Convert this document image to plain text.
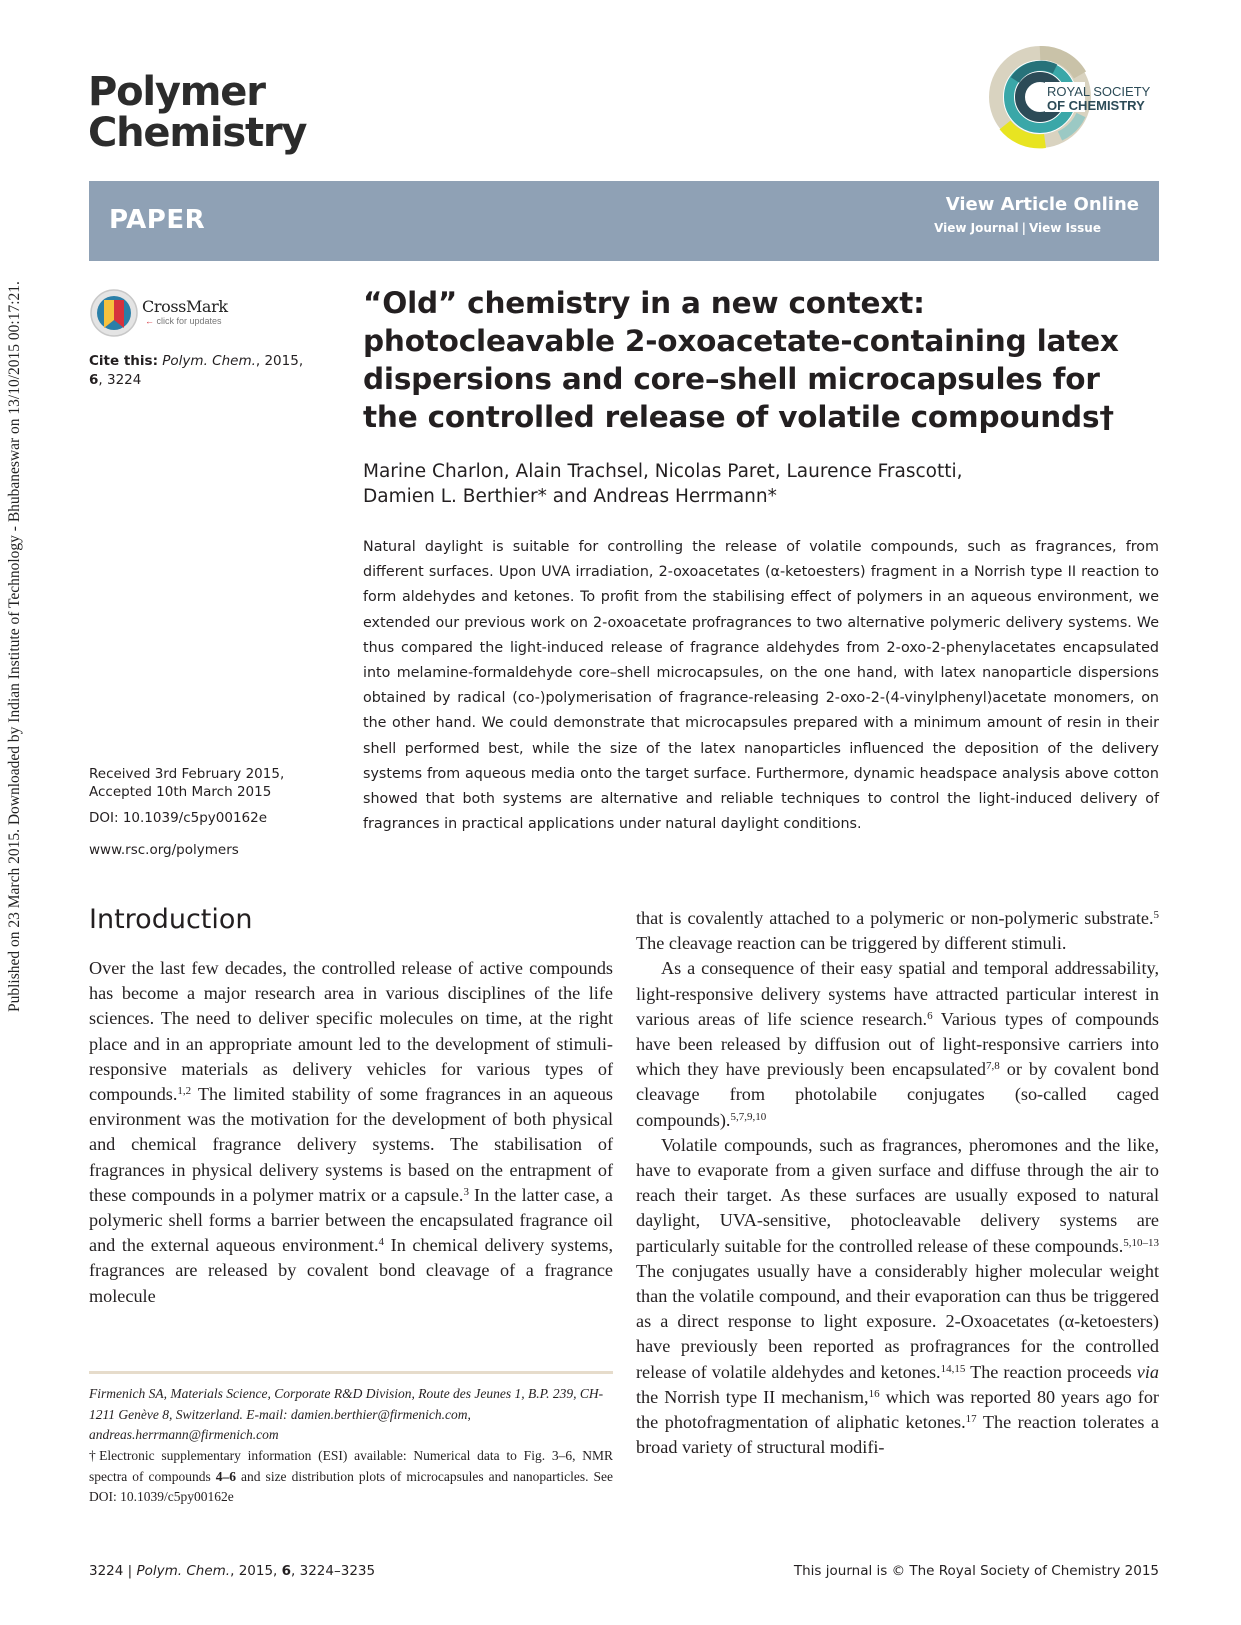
Published on 23 March 2015. Downloaded by Indian Institute of Technology - Bhubaneswar on 13/10/2015 00:17:21.
Polymer
Chemistry
ROYAL SOCIETY
OF CHEMISTRY
PAPER
View Article Online
View Journal | View Issue
CrossMark
← click for updates
Cite this: Polym. Chem., 2015, 6, 3224
“Old” chemistry in a new context: photocleavable 2-oxoacetate-containing latex dispersions and core–shell microcapsules for the controlled release of volatile compounds†
Marine Charlon, Alain Trachsel, Nicolas Paret, Laurence Frascotti,
Damien L. Berthier* and Andreas Herrmann*
Natural daylight is suitable for controlling the release of volatile compounds, such as fragrances, from different surfaces. Upon UVA irradiation, 2-oxoacetates (α-ketoesters) fragment in a Norrish type II reaction to form aldehydes and ketones. To profit from the stabilising effect of polymers in an aqueous environment, we extended our previous work on 2-oxoacetate profragrances to two alternative polymeric delivery systems. We thus compared the light-induced release of fragrance aldehydes from 2-oxo-2-phenylacetates encapsulated into melamine-formaldehyde core–shell microcapsules, on the one hand, with latex nanoparticle dispersions obtained by radical (co-)polymerisation of fragrance-releasing 2-oxo-2-(4-vinylphenyl)acetate monomers, on the other hand. We could demonstrate that microcapsules prepared with a minimum amount of resin in their shell performed best, while the size of the latex nanoparticles influenced the deposition of the delivery systems from aqueous media onto the target surface. Furthermore, dynamic headspace analysis above cotton showed that both systems are alternative and reliable techniques to control the light-induced delivery of fragrances in practical applications under natural daylight conditions.
Received 3rd February 2015,
Accepted 10th March 2015
DOI: 10.1039/c5py00162e
www.rsc.org/polymers
Introduction

Over the last few decades, the controlled release of active compounds has become a major research area in various disciplines of the life sciences. The need to deliver specific molecules on time, at the right place and in an appropriate amount led to the development of stimuli-responsive materials as delivery vehicles for various types of compounds.$^{1,2}$ The limited stability of some fragrances in an aqueous environment was the motivation for the development of both physical and chemical fragrance delivery systems. The stabilisation of fragrances in physical delivery systems is based on the entrapment of these compounds in a polymer matrix or a capsule.$^3$ In the latter case, a polymeric shell forms a barrier between the encapsulated fragrance oil and the external aqueous environment.$^4$ In chemical delivery systems, fragrances are released by covalent bond cleavage of a fragrance molecule

that is covalently attached to a polymeric or non-polymeric substrate.$^5$ The cleavage reaction can be triggered by different stimuli.

As a consequence of their easy spatial and temporal addressability, light-responsive delivery systems have attracted particular interest in various areas of life science research.$^6$ Various types of compounds have been released by diffusion out of light-responsive carriers into which they have previously been encapsulated$^{7,8}$ or by covalent bond cleavage from photolabile conjugates (so-called caged compounds).$^{5,7,9,10}$

Volatile compounds, such as fragrances, pheromones and the like, have to evaporate from a given surface and diffuse through the air to reach their target. As these surfaces are usually exposed to natural daylight, UVA-sensitive, photocleavable delivery systems are particularly suitable for the controlled release of these compounds.$^{5,10-13}$ The conjugates usually have a considerably higher molecular weight than the volatile compound, and their evaporation can thus be triggered as a direct response to light exposure. 2-Oxoacetates (α-ketoesters) have previously been reported as profragrances for the controlled release of volatile aldehydes and ketones.$^{14,15}$ The reaction proceeds via the Norrish type II mechanism,$^{16}$ which was reported 80 years ago for the photofragmentation of aliphatic ketones.$^{17}$ The reaction tolerates a broad variety of structural modifi-

Firmenich SA, Materials Science, Corporate R&D Division, Route des Jeunes 1, B.P. 239, CH-1211 Genève 8, Switzerland. E-mail: damien.berthier@firmenich.com, andreas.herrmann@firmenich.com
†Electronic supplementary information (ESI) available: Numerical data to Fig. 3–6, NMR spectra of compounds 4–6 and size distribution plots of microcapsules and nanoparticles. See DOI: 10.1039/c5py00162e
3224 | Polym. Chem., 2015, 6, 3224–3235	This journal is © The Royal Society of Chemistry 2015
